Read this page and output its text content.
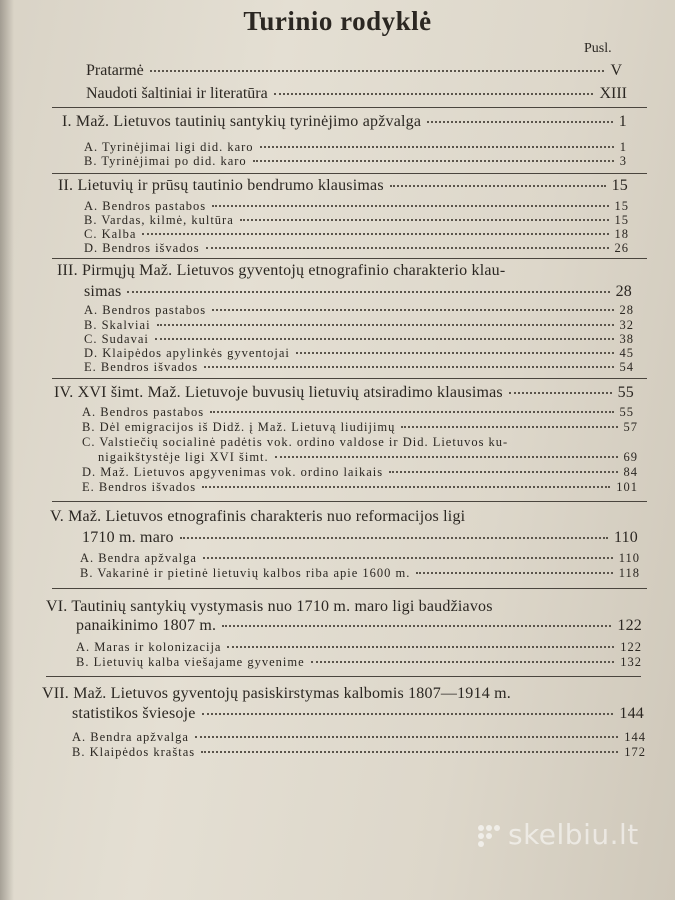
Turinio rodyklė
Pusl.
Pratarmė	V
Naudoti šaltiniai ir literatūra	XIII
I. Maž. Lietuvos tautinių santykių tyrinėjimo apžvalga	1
A. Tyrinėjimai ligi did. karo	1
B. Tyrinėjimai po did. karo	3
II. Lietuvių ir prūsų tautinio bendrumo klausimas	15
A. Bendros pastabos	15
B. Vardas, kilmė, kultūra	15
C. Kalba	18
D. Bendros išvados	26
III. Pirmųjų Maž. Lietuvos gyventojų etnografinio charakterio klau-
simas	28
A. Bendros pastabos	28
B. Skalviai	32
C. Sudavai	38
D. Klaipėdos apylinkės gyventojai	45
E. Bendros išvados	54
IV. XVI šimt. Maž. Lietuvoje buvusių lietuvių atsiradimo klausimas	55
A. Bendros pastabos	55
B. Dėl emigracijos iš Didž. į Maž. Lietuvą liudijimų	57
C. Valstiečių socialinė padėtis vok. ordino valdose ir Did. Lietuvos ku-
nigaikštystėje ligi XVI šimt.	69
D. Maž. Lietuvos apgyvenimas vok. ordino laikais	84
E. Bendros išvados	101
V. Maž. Lietuvos etnografinis charakteris nuo reformacijos ligi
1710 m. maro	110
A. Bendra apžvalga	110
B. Vakarinė ir pietinė lietuvių kalbos riba apie 1600 m.	118
VI. Tautinių santykių vystymasis nuo 1710 m. maro ligi baudžiavos
panaikinimo 1807 m.	122
A. Maras ir kolonizacija	122
B. Lietuvių kalba viešajame gyvenime	132
VII. Maž. Lietuvos gyventojų pasiskirstymas kalbomis 1807—1914 m.
statistikos šviesoje	144
A. Bendra apžvalga	144
B. Klaipėdos kraštas	172
skelbiu.lt
